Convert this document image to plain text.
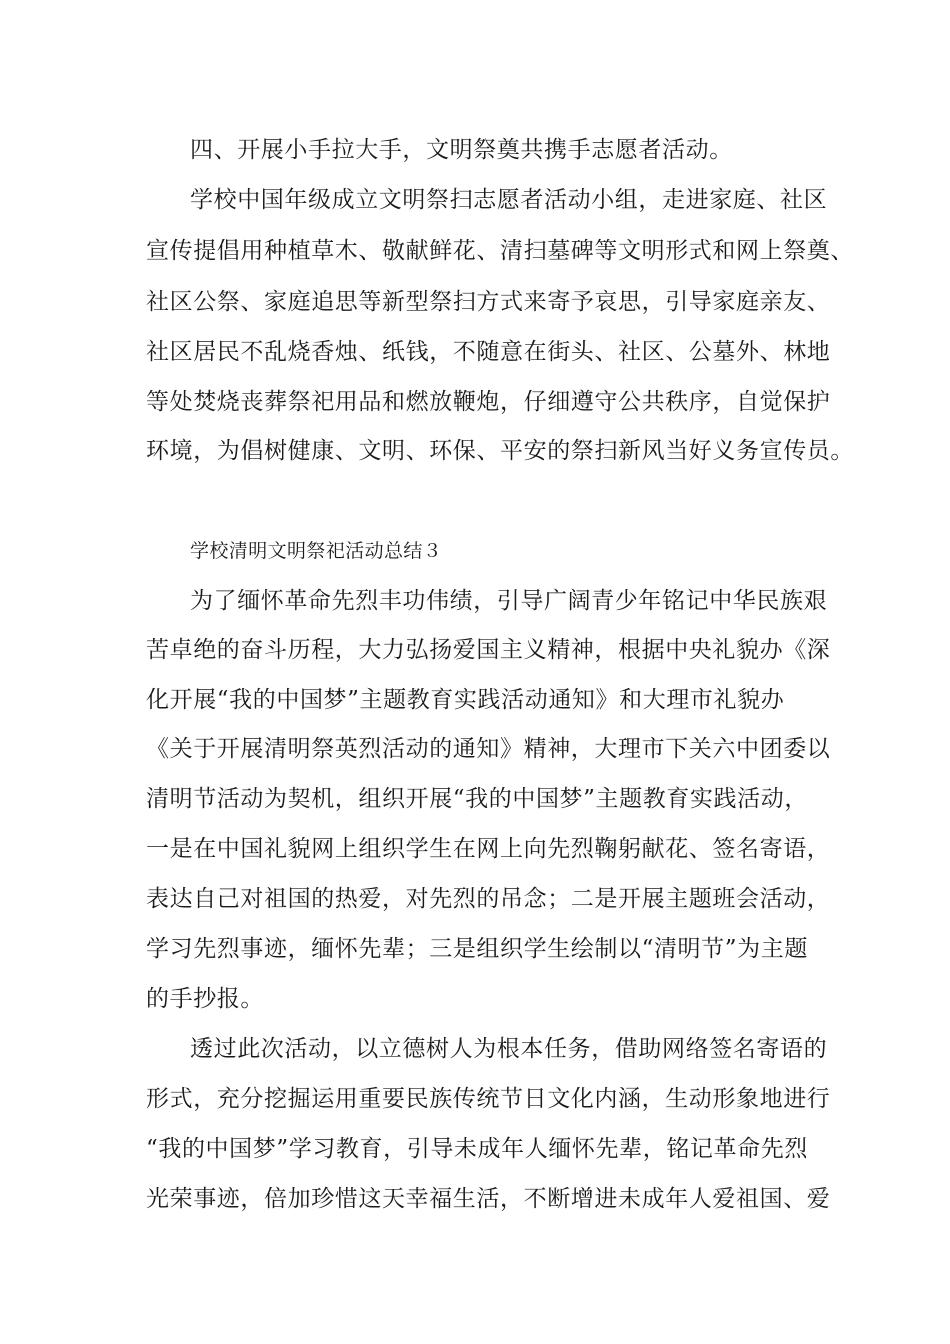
四、开展小手拉大手，文明祭奠共携手志愿者活动。
学校中国年级成立文明祭扫志愿者活动小组，走进家庭、社区
宣传提倡用种植草木、敬献鲜花、清扫墓碑等文明形式和网上祭奠、
社区公祭、家庭追思等新型祭扫方式来寄予哀思，引导家庭亲友、
社区居民不乱烧香烛、纸钱，不随意在街头、社区、公墓外、林地
等处焚烧丧葬祭祀用品和燃放鞭炮，仔细遵守公共秩序，自觉保护
环境，为倡树健康、文明、环保、平安的祭扫新风当好义务宣传员。
学校清明文明祭祀活动总结３
为了缅怀革命先烈丰功伟绩，引导广阔青少年铭记中华民族艰
苦卓绝的奋斗历程，大力弘扬爱国主义精神，根据中央礼貌办《深
化开展“我的中国梦”主题教育实践活动通知》和大理市礼貌办
《关于开展清明祭英烈活动的通知》精神，大理市下关六中团委以
清明节活动为契机，组织开展“我的中国梦”主题教育实践活动，
一是在中国礼貌网上组织学生在网上向先烈鞠躬献花、签名寄语，
表达自己对祖国的热爱，对先烈的吊念；二是开展主题班会活动，
学习先烈事迹，缅怀先辈；三是组织学生绘制以“清明节”为主题
的手抄报。
透过此次活动，以立德树人为根本任务，借助网络签名寄语的
形式，充分挖掘运用重要民族传统节日文化内涵，生动形象地进行
“我的中国梦”学习教育，引导未成年人缅怀先辈，铭记革命先烈
光荣事迹，倍加珍惜这天幸福生活，不断增进未成年人爱祖国、爱
